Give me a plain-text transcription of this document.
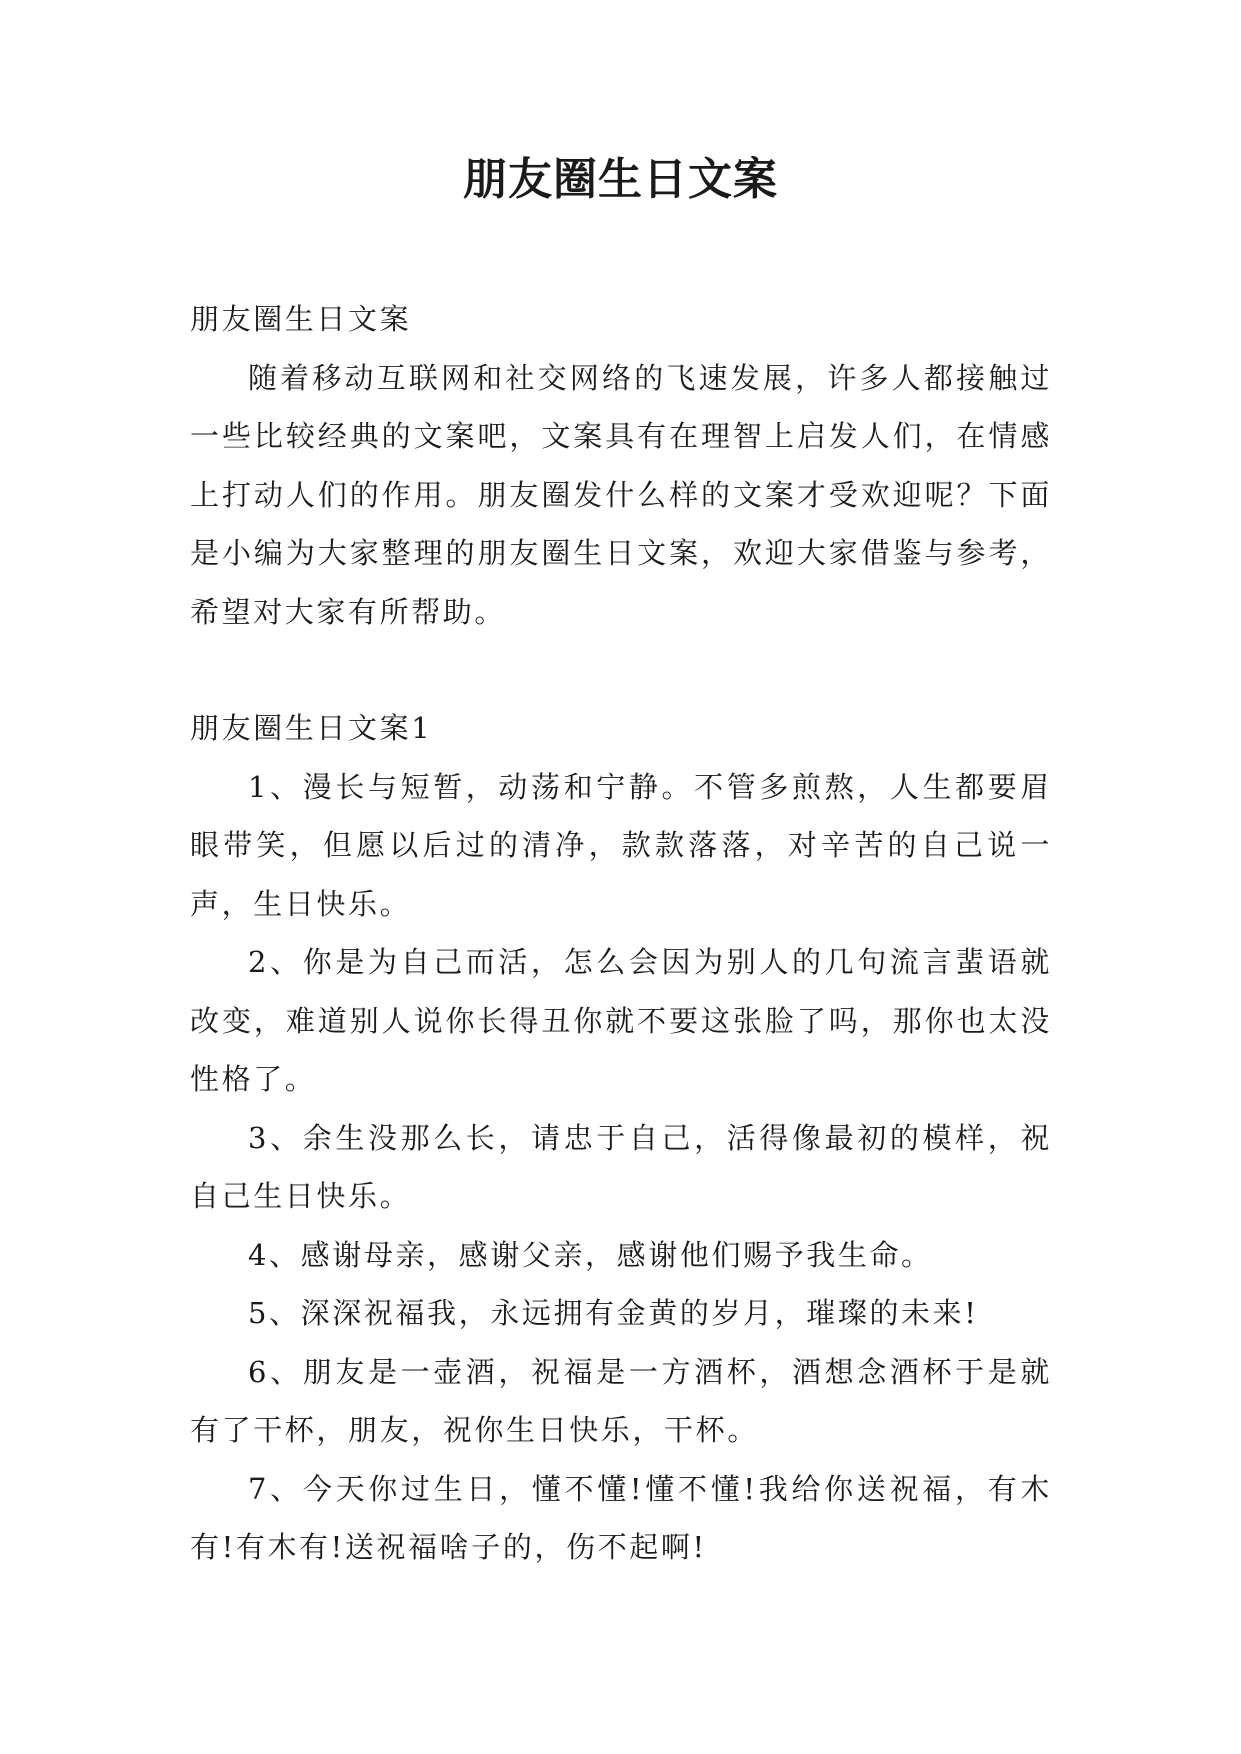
朋友圈生日文案

朋友圈生日文案

随着移动互联网和社交网络的飞速发展，许多人都接触过一些比较经典的文案吧，文案具有在理智上启发人们，在情感上打动人们的作用。朋友圈发什么样的文案才受欢迎呢？下面是小编为大家整理的朋友圈生日文案，欢迎大家借鉴与参考，希望对大家有所帮助。

朋友圈生日文案1

1、漫长与短暂，动荡和宁静。不管多煎熬，人生都要眉眼带笑，但愿以后过的清净，款款落落，对辛苦的自己说一声，生日快乐。

2、你是为自己而活，怎么会因为别人的几句流言蜚语就改变，难道别人说你长得丑你就不要这张脸了吗，那你也太没性格了。

3、余生没那么长，请忠于自己，活得像最初的模样，祝自己生日快乐。

4、感谢母亲，感谢父亲，感谢他们赐予我生命。

5、深深祝福我，永远拥有金黄的岁月，璀璨的未来!

6、朋友是一壶酒，祝福是一方酒杯，酒想念酒杯于是就有了干杯，朋友，祝你生日快乐，干杯。

7、今天你过生日，懂不懂!懂不懂!我给你送祝福，有木有!有木有!送祝福啥子的，伤不起啊!
